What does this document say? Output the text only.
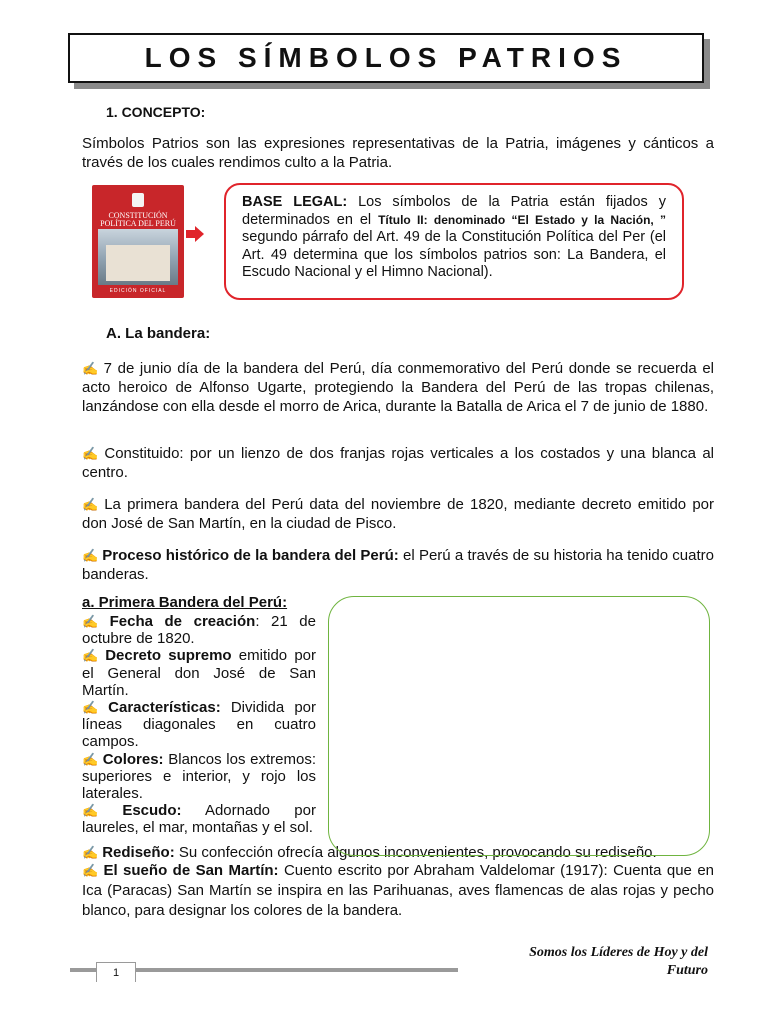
LOS SÍMBOLOS PATRIOS
1. CONCEPTO:
Símbolos Patrios son las expresiones representativas de la Patria, imágenes y cánticos a través de los cuales rendimos culto a la Patria.
CONSTITUCIÓN POLÍTICA DEL PERÚ
EDICIÓN OFICIAL
BASE LEGAL: Los símbolos de la Patria están fijados y determinados en el Título II: denominado “El Estado y la Nación, ” segundo párrafo del Art. 49 de la Constitución Política del Per (el Art. 49 determina que los símbolos patrios son: La Bandera, el Escudo Nacional y el Himno Nacional).
A. La bandera:
✍ 7 de junio día de la bandera del Perú, día conmemorativo del Perú donde se recuerda el acto heroico de Alfonso Ugarte, protegiendo la Bandera del Perú de las tropas chilenas, lanzándose con ella desde el morro de Arica, durante la Batalla de Arica el 7 de junio de 1880.
✍ Constituido: por un lienzo de dos franjas rojas verticales a los costados y una blanca al centro.
✍ La primera bandera del Perú data del noviembre de 1820, mediante decreto emitido por don José de San Martín, en la ciudad de Pisco.
✍ Proceso histórico de la bandera del Perú: el Perú a través de su historia ha tenido cuatro banderas.
a. Primera Bandera del Perú:
✍ Fecha de creación: 21 de octubre de 1820.
✍ Decreto supremo emitido por el General don José de San Martín.
✍ Características: Dividida por líneas diagonales en cuatro campos.
✍ Colores: Blancos los extremos: superiores e interior, y rojo los laterales.
✍ Escudo: Adornado por laureles, el mar, montañas y el sol.
✍ Rediseño: Su confección ofrecía algunos inconvenientes, provocando su rediseño.
✍ El sueño de San Martín: Cuento escrito por Abraham Valdelomar (1917): Cuenta que en Ica (Paracas) San Martín se inspira en las Parihuanas, aves flamencas de alas rojas y pecho blanco, para designar los colores de la bandera.
1
Somos los Líderes de Hoy y del
Futuro
